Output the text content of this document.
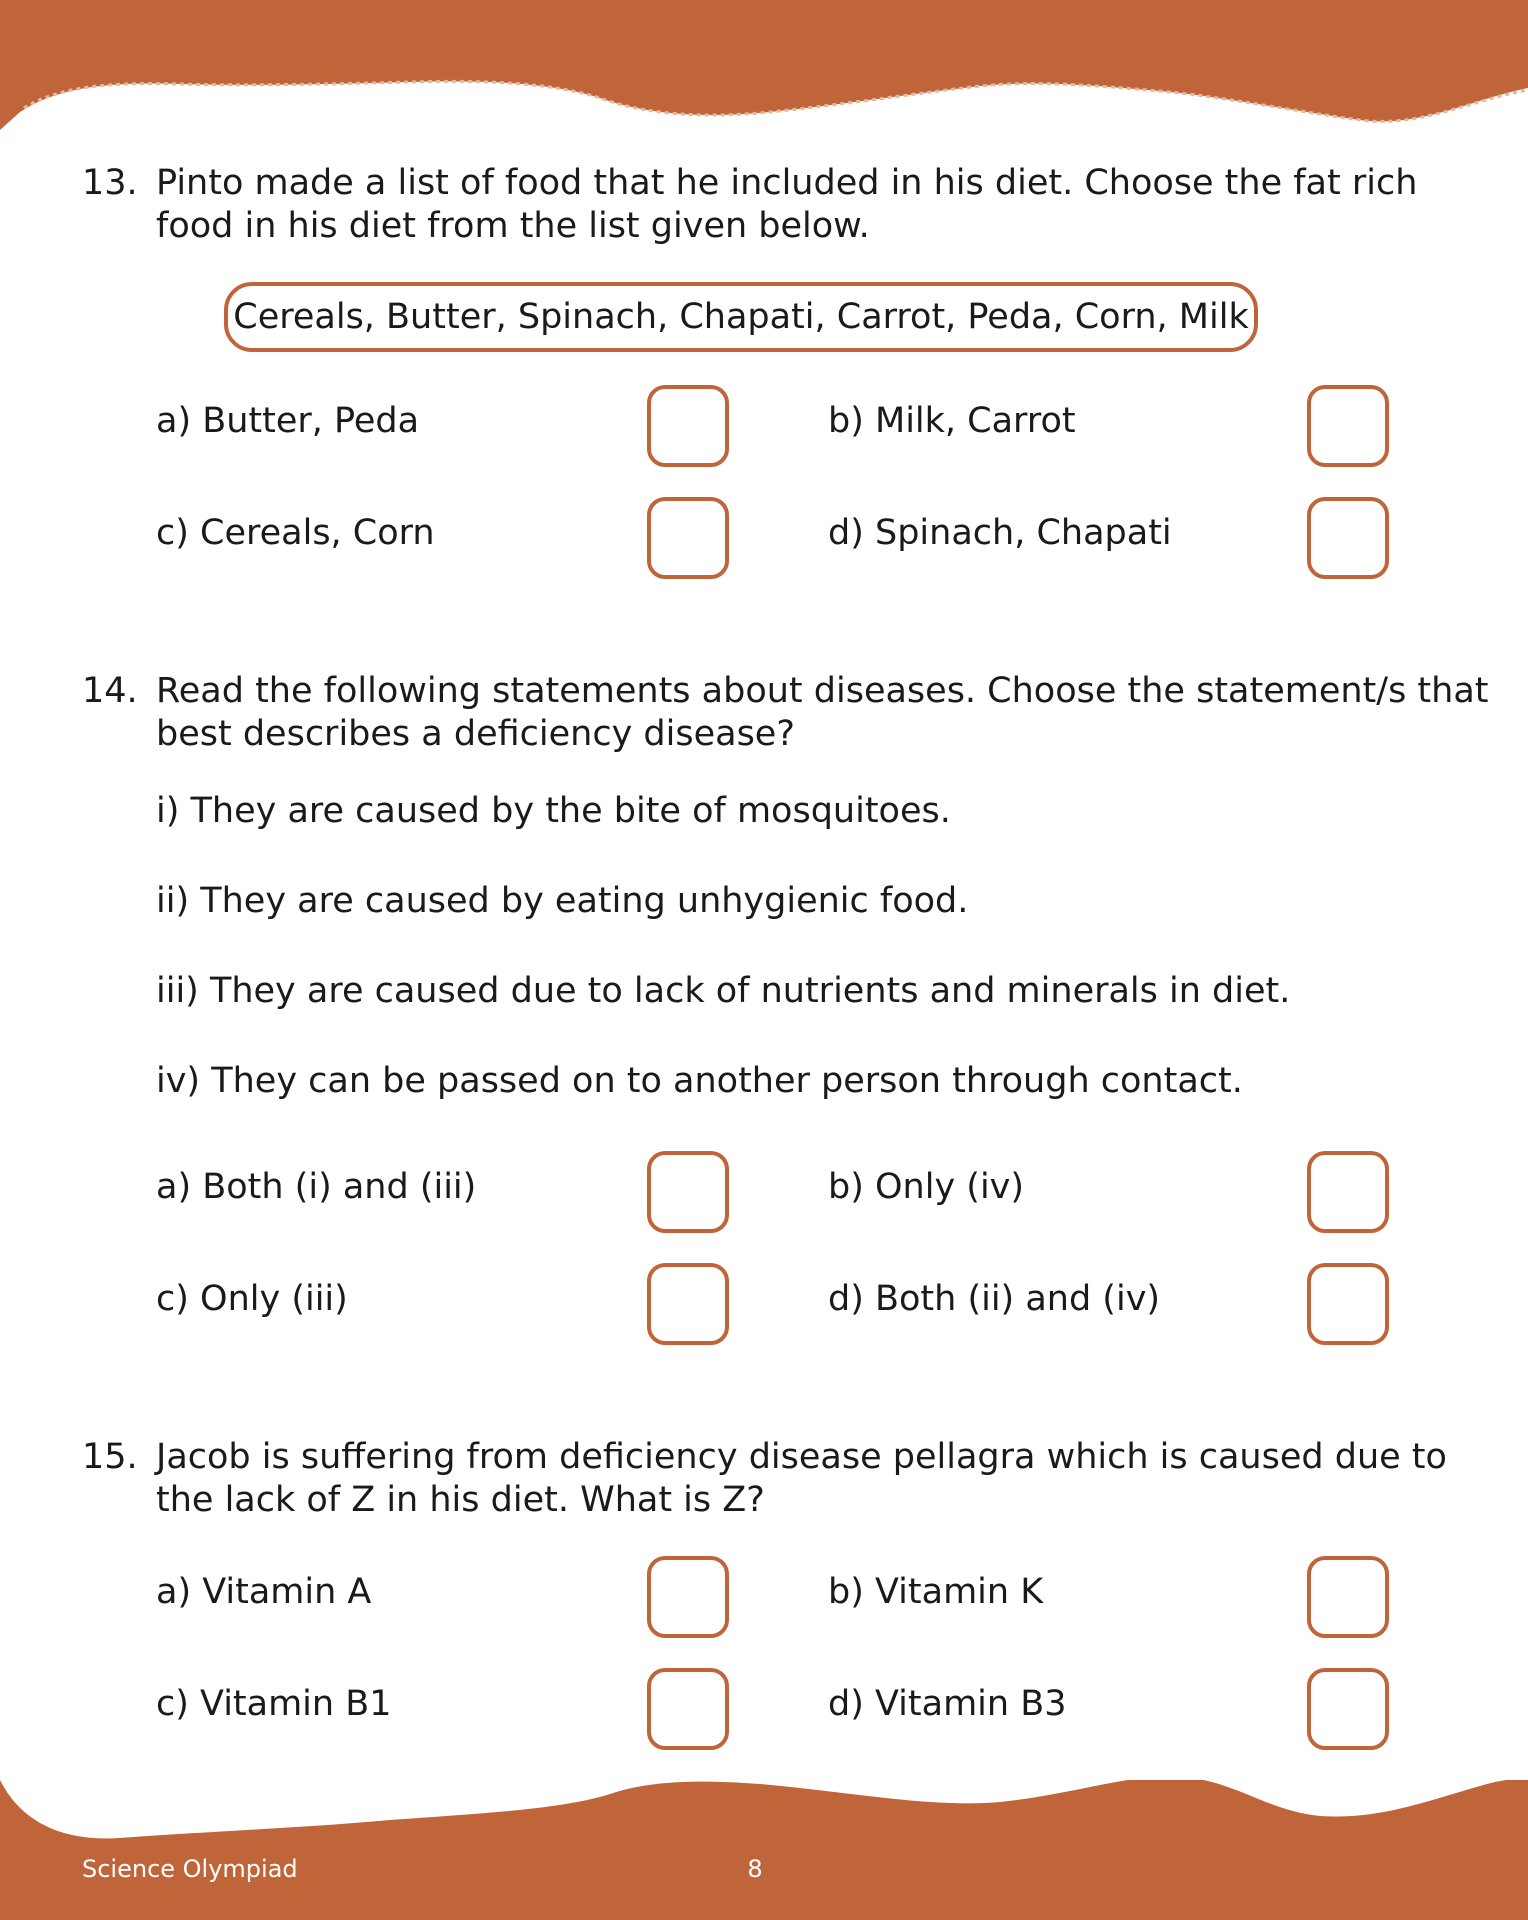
13. Pinto made a list of food that he included in his diet. Choose the fat rich food in his diet from the list given below.
Cereals, Butter, Spinach, Chapati, Carrot, Peda, Corn, Milk
a) Butter, Peda	b) Milk, Carrot
c) Cereals, Corn	d) Spinach, Chapati
14. Read the following statements about diseases. Choose the statement/s that best describes a deficiency disease?
i) They are caused by the bite of mosquitoes.
ii) They are caused by eating unhygienic food.
iii) They are caused due to lack of nutrients and minerals in diet.
iv) They can be passed on to another person through contact.
a) Both (i) and (iii)	b) Only (iv)
c) Only (iii)	d) Both (ii) and (iv)
15. Jacob is suffering from deficiency disease pellagra which is caused due to the lack of Z in his diet. What is Z?
a) Vitamin A	b) Vitamin K
c) Vitamin B1	d) Vitamin B3
Science Olympiad	8
